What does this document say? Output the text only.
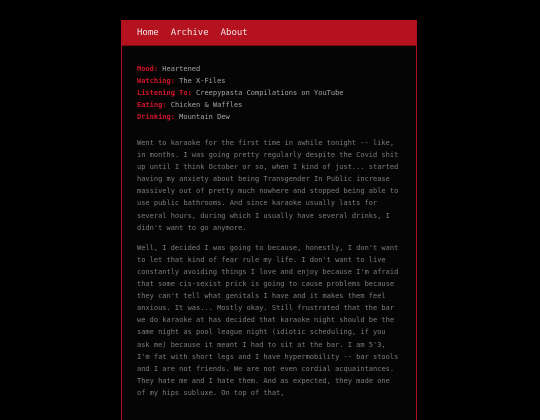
Home Archive About
Mood: Heartened
Watching: The X-Files
Listening To: Creepypasta Compilations on YouTube
Eating: Chicken & Waffles
Drinking: Mountain Dew

Went to karaoke for the first time in awhile tonight -- like, in months. I was going pretty regularly despite the Covid shit up until I think October or so, when I kind of just... started having my anxiety about being Transgender In Public increase massively out of pretty much nowhere and stopped being able to use public bathrooms. And since karaoke usually lasts for several hours, during which I usually have several drinks, I didn't want to go anymore.

Well, I decided I was going to because, honestly, I don't want to let that kind of fear rule my life. I don't want to live constantly avoiding things I love and enjoy because I'm afraid that some cis-sexist prick is going to cause problems because they can't tell what genitals I have and it makes them feel anxious. It was... Mostly okay. Still frustrated that the bar we do karaoke at has decided that karaoke night should be the same night as pool league night (idiotic scheduling, if you ask me) because it meant I had to sit at the bar. I am 5'3, I'm fat with short legs and I have hypermobility -- bar stools and I are not friends. We are not even cordial acquaintances. They hate me and I hate them. And as expected, they made one of my hips subluxe. On top of that,
